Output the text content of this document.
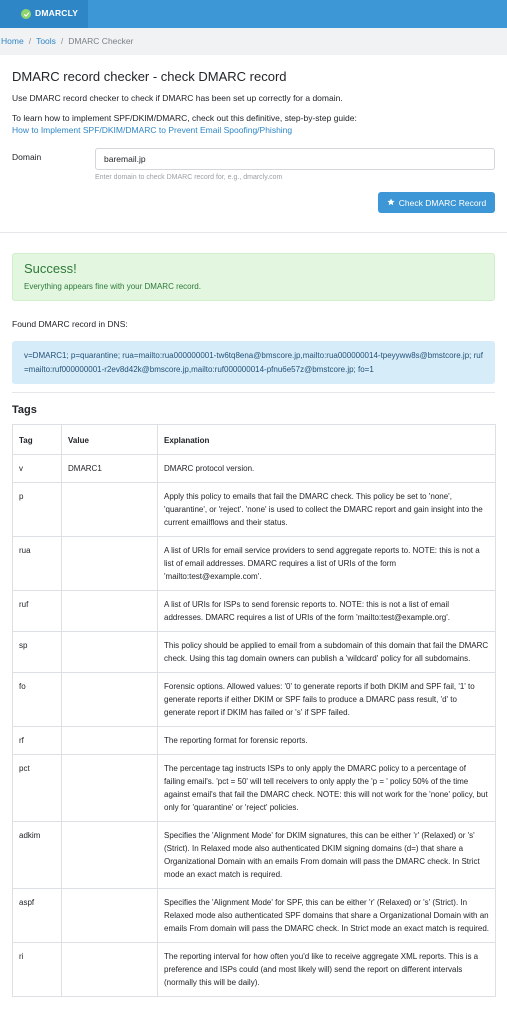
DMARCLY
Home / Tools / DMARC Checker
DMARC record checker - check DMARC record

Use DMARC record checker to check if DMARC has been set up correctly for a domain.

To learn how to implement SPF/DKIM/DMARC, check out this definitive, step-by-step guide:
How to Implement SPF/DKIM/DMARC to Prevent Email Spoofing/Phishing
Domain
baremail.jp
Enter domain to check DMARC record for, e.g., dmarcly.com
Check DMARC Record
Success!
Everything appears fine with your DMARC record.
Found DMARC record in DNS:
v=DMARC1; p=quarantine; rua=mailto:rua000000001-tw6tq8ena@bmscore.jp,mailto:rua000000014-tpeyyww8s@bmstcore.jp; ruf=mailto:ruf000000001-r2ev8d42k@bmscore.jp,mailto:ruf000000014-pfnu6e57z@bmstcore.jp; fo=1
Tags
Tag	Value	Explanation
v	DMARC1	DMARC protocol version.
p		Apply this policy to emails that fail the DMARC check. This policy be set to 'none', 'quarantine', or 'reject'. 'none' is used to collect the DMARC report and gain insight into the current emailflows and their status.
rua		A list of URIs for email service providers to send aggregate reports to. NOTE: this is not a list of email addresses. DMARC requires a list of URIs of the form 'mailto:test@example.com'.
ruf		A list of URIs for ISPs to send forensic reports to. NOTE: this is not a list of email addresses. DMARC requires a list of URIs of the form 'mailto:test@example.org'.
sp		This policy should be applied to email from a subdomain of this domain that fail the DMARC check. Using this tag domain owners can publish a 'wildcard' policy for all subdomains.
fo		Forensic options. Allowed values: '0' to generate reports if both DKIM and SPF fail, '1' to generate reports if either DKIM or SPF fails to produce a DMARC pass result, 'd' to generate report if DKIM has failed or 's' if SPF failed.
rf		The reporting format for forensic reports.
pct		The percentage tag instructs ISPs to only apply the DMARC policy to a percentage of failing email's. 'pct = 50' will tell receivers to only apply the 'p = ' policy 50% of the time against email's that fail the DMARC check. NOTE: this will not work for the 'none' policy, but only for 'quarantine' or 'reject' policies.
adkim		Specifies the 'Alignment Mode' for DKIM signatures, this can be either 'r' (Relaxed) or 's' (Strict). In Relaxed mode also authenticated DKIM signing domains (d=) that share a Organizational Domain with an emails From domain will pass the DMARC check. In Strict mode an exact match is required.
aspf		Specifies the 'Alignment Mode' for SPF, this can be either 'r' (Relaxed) or 's' (Strict). In Relaxed mode also authenticated SPF domains that share a Organizational Domain with an emails From domain will pass the DMARC check. In Strict mode an exact match is required.
ri		The reporting interval for how often you'd like to receive aggregate XML reports. This is a preference and ISPs could (and most likely will) send the report on different intervals (normally this will be daily).
